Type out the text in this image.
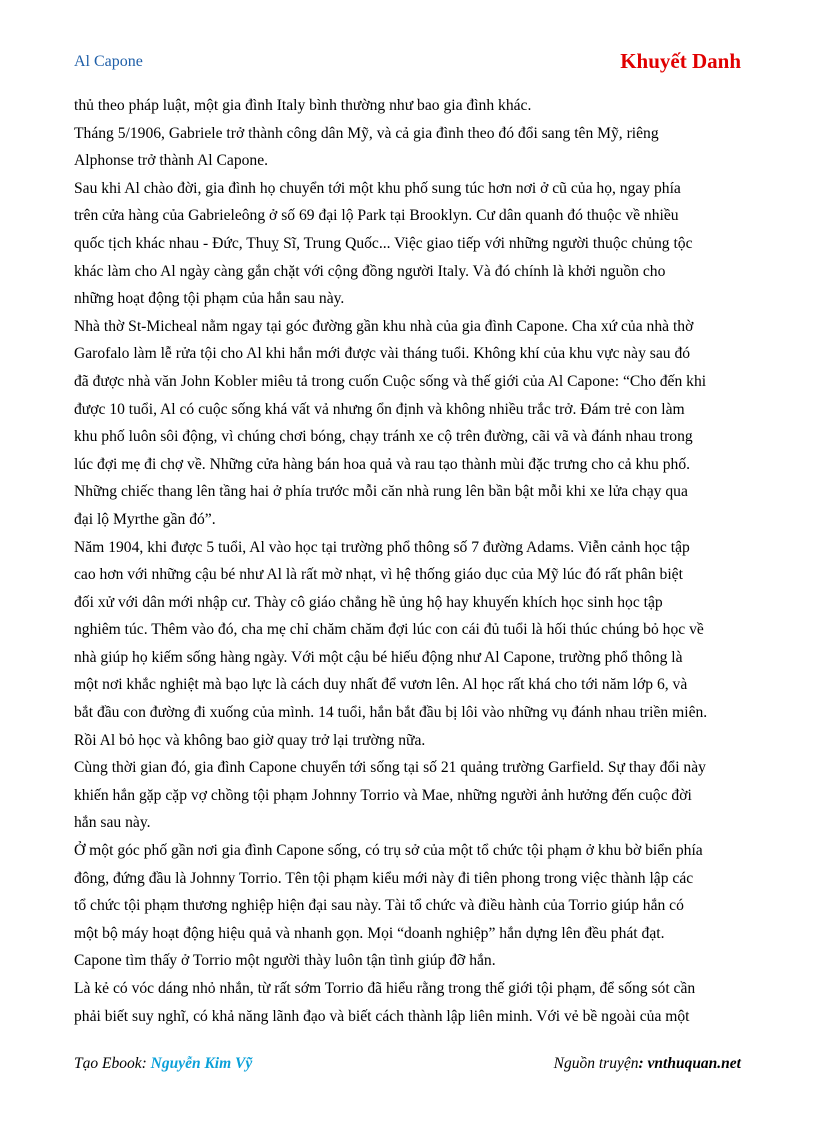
Al Capone	Khuyết Danh

thủ theo pháp luật, một gia đình Italy bình thường như bao gia đình khác.

Tháng 5/1906, Gabriele trở thành công dân Mỹ, và cả gia đình theo đó đổi sang tên Mỹ, riêng

Alphonse trở thành Al Capone.

Sau khi Al chào đời, gia đình họ chuyển tới một khu phố sung túc hơn nơi ở cũ của họ, ngay phía

trên cửa hàng của Gabrieleông ở số 69 đại lộ Park tại Brooklyn. Cư dân quanh đó thuộc về nhiều

quốc tịch khác nhau - Đức, Thuỵ Sĩ, Trung Quốc... Việc giao tiếp với những người thuộc chủng tộc

khác làm cho Al ngày càng gắn chặt với cộng đồng người Italy. Và đó chính là khởi nguồn cho

những hoạt động tội phạm của hắn sau này.

Nhà thờ St-Micheal nằm ngay tại góc đường gần khu nhà của gia đình Capone. Cha xứ của nhà thờ

Garofalo làm lễ rửa tội cho Al khi hắn mới được vài tháng tuổi. Không khí của khu vực này sau đó

đã được nhà văn John Kobler miêu tả trong cuốn Cuộc sống và thế giới của Al Capone: “Cho đến khi

được 10 tuổi, Al có cuộc sống khá vất vả nhưng ổn định và không nhiều trắc trở. Đám trẻ con làm

khu phố luôn sôi động, vì chúng chơi bóng, chạy tránh xe cộ trên đường, cãi vã và đánh nhau trong

lúc đợi mẹ đi chợ về. Những cửa hàng bán hoa quả và rau tạo thành mùi đặc trưng cho cả khu phố.

Những chiếc thang lên tầng hai ở phía trước mỗi căn nhà rung lên bần bật mỗi khi xe lửa chạy qua

đại lộ Myrthe gần đó”.

Năm 1904, khi được 5 tuổi, Al vào học tại trường phổ thông số 7 đường Adams. Viễn cảnh học tập

cao hơn với những cậu bé như Al là rất mờ nhạt, vì hệ thống giáo dục của Mỹ lúc đó rất phân biệt

đối xử với dân mới nhập cư. Thày cô giáo chẳng hề ủng hộ hay khuyến khích học sinh học tập

nghiêm túc. Thêm vào đó, cha mẹ chỉ chăm chăm đợi lúc con cái đủ tuổi là hối thúc chúng bỏ học về

nhà giúp họ kiếm sống hàng ngày. Với một cậu bé hiếu động như Al Capone, trường phổ thông là

một nơi khắc nghiệt mà bạo lực là cách duy nhất để vươn lên. Al học rất khá cho tới năm lớp 6, và

bắt đầu con đường đi xuống của mình. 14 tuổi, hắn bắt đầu bị lôi vào những vụ đánh nhau triền miên.

Rồi Al bỏ học và không bao giờ quay trở lại trường nữa.

Cùng thời gian đó, gia đình Capone chuyển tới sống tại số 21 quảng trường Garfield. Sự thay đổi này

khiến hắn gặp cặp vợ chồng tội phạm Johnny Torrio và Mae, những người ảnh hưởng đến cuộc đời

hắn sau này.

Ở một góc phố gần nơi gia đình Capone sống, có trụ sở của một tổ chức tội phạm ở khu bờ biển phía

đông, đứng đầu là Johnny Torrio. Tên tội phạm kiểu mới này đi tiên phong trong việc thành lập các

tổ chức tội phạm thương nghiệp hiện đại sau này. Tài tổ chức và điều hành của Torrio giúp hắn có

một bộ máy hoạt động hiệu quả và nhanh gọn. Mọi “doanh nghiệp” hắn dựng lên đều phát đạt.

Capone tìm thấy ở Torrio một người thày luôn tận tình giúp đỡ hắn.

Là kẻ có vóc dáng nhỏ nhắn, từ rất sớm Torrio đã hiểu rằng trong thế giới tội phạm, để sống sót cần

phải biết suy nghĩ, có khả năng lãnh đạo và biết cách thành lập liên minh. Với vẻ bề ngoài của một

Tạo Ebook: Nguyễn Kim Vỹ	Nguồn truyện: vnthuquan.net
